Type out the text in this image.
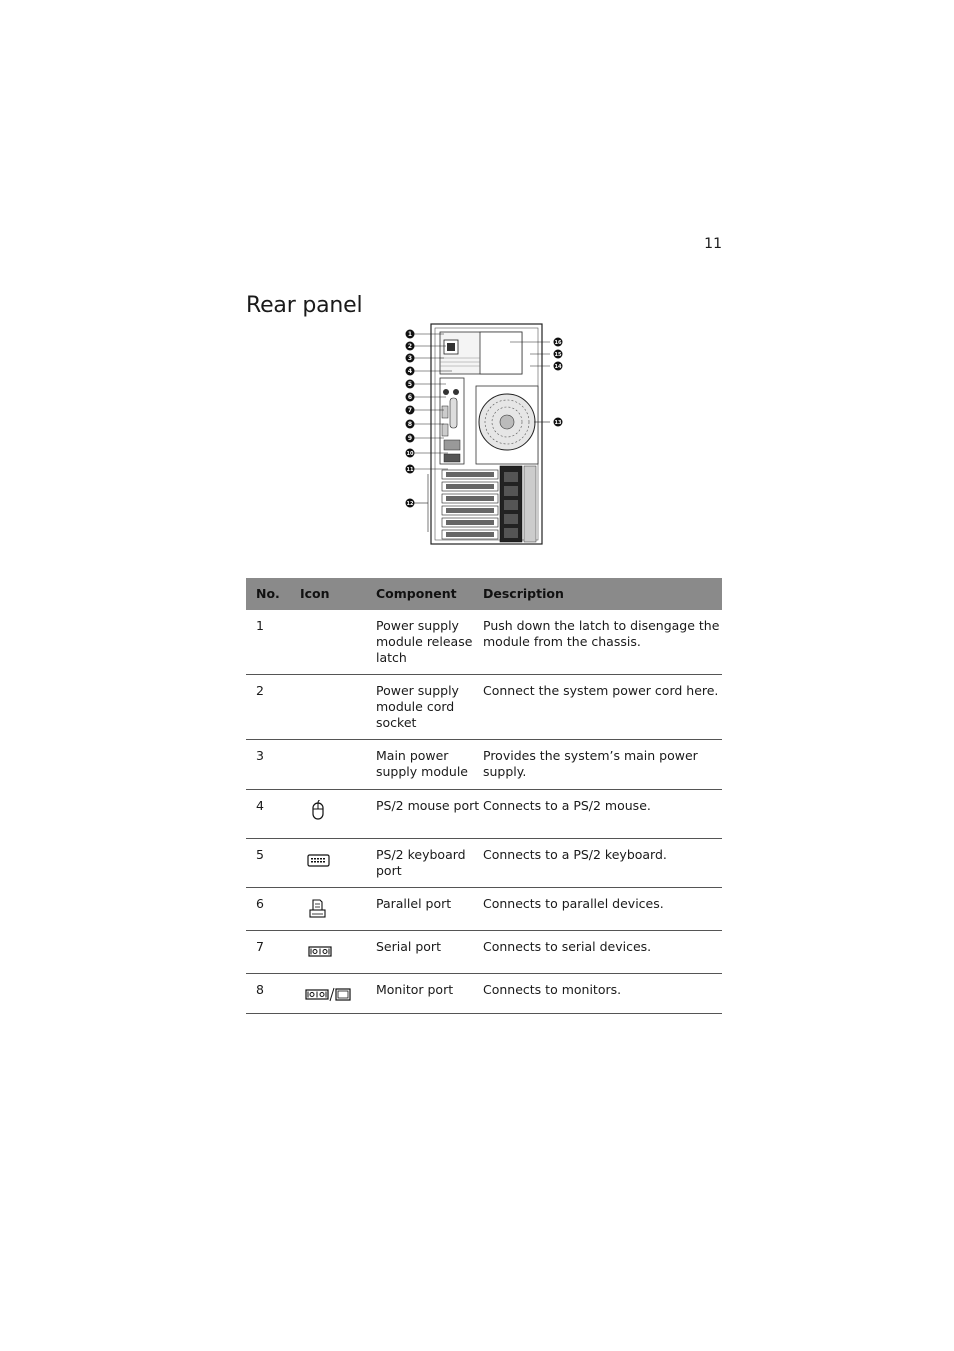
11
Rear panel
1
2
3
4
5
6
7
8
9
10
11
12
16
15
14
13
No.	Icon	Component	Description
1		Power supply module release latch	Push down the latch to disengage the module from the chassis.
2		Power supply module cord socket	Connect the system power cord here.
3		Main power supply module	Provides the system’s main power supply.
4		PS/2 mouse port	Connects to a PS/2 mouse.
5		PS/2 keyboard port	Connects to a PS/2 keyboard.
6		Parallel port	Connects to parallel devices.
7		Serial port	Connects to serial devices.
8		Monitor port	Connects to monitors.
